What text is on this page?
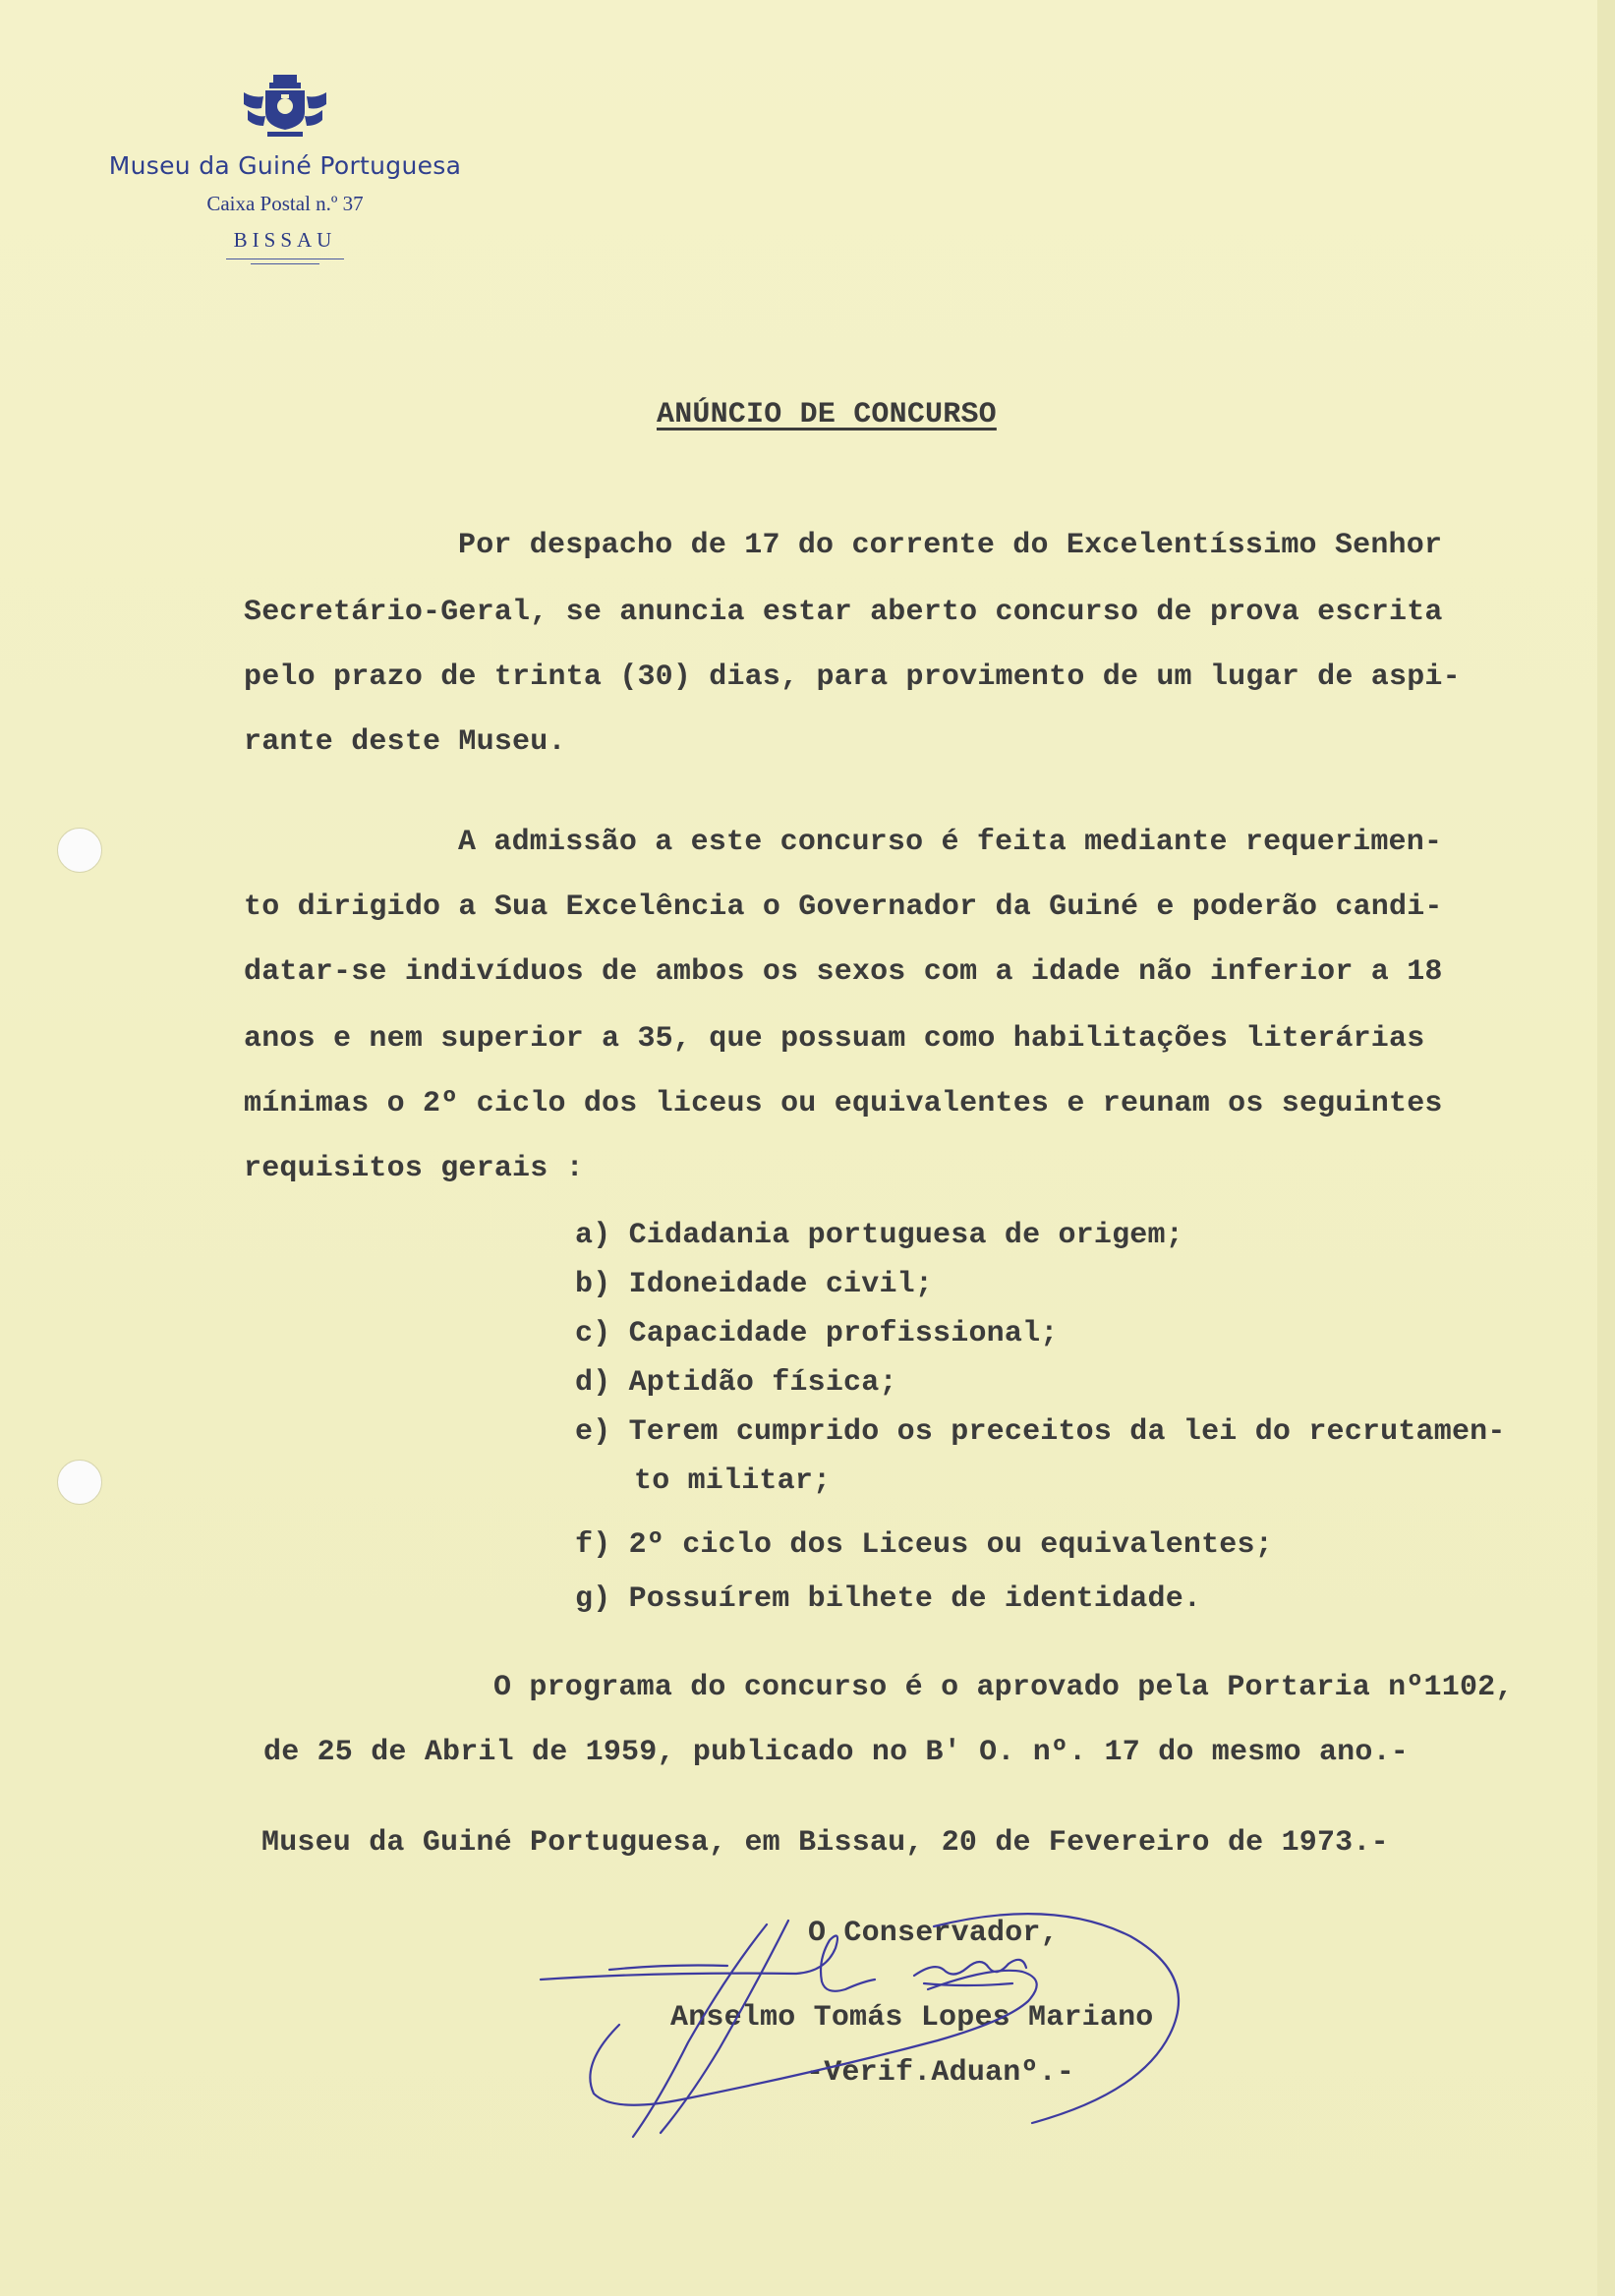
Museu da Guiné Portuguesa
Caixa Postal n.º 37
BISSAU
ANÚNCIO DE CONCURSO
Por despacho de 17 do corrente do Excelentíssimo Senhor
Secretário-Geral, se anuncia estar aberto concurso de prova escrita
pelo prazo de trinta (30) dias, para provimento de um lugar de aspi-
rante deste Museu.
A admissão a este concurso é feita mediante requerimen-
to dirigido a Sua Excelência o Governador da Guiné e poderão candi-
datar-se indivíduos de ambos os sexos com a idade não inferior a 18
anos e nem superior a 35, que possuam como habilitações literárias
mínimas o 2º ciclo dos liceus ou equivalentes e reunam os seguintes
requisitos gerais :
a) Cidadania portuguesa de origem;
b) Idoneidade civil;
c) Capacidade profissional;
d) Aptidão física;
e) Terem cumprido os preceitos da lei do recrutamen-
to militar;
f) 2º ciclo dos Liceus ou equivalentes;
g) Possuírem bilhete de identidade.
O programa do concurso é o aprovado pela Portaria nº1102,
de 25 de Abril de 1959, publicado no B' O. nº. 17 do mesmo ano.-
Museu da Guiné Portuguesa, em Bissau, 20 de Fevereiro de 1973.-
O Conservador,
Anselmo Tomás Lopes Mariano
-Verif.Aduanº.-
